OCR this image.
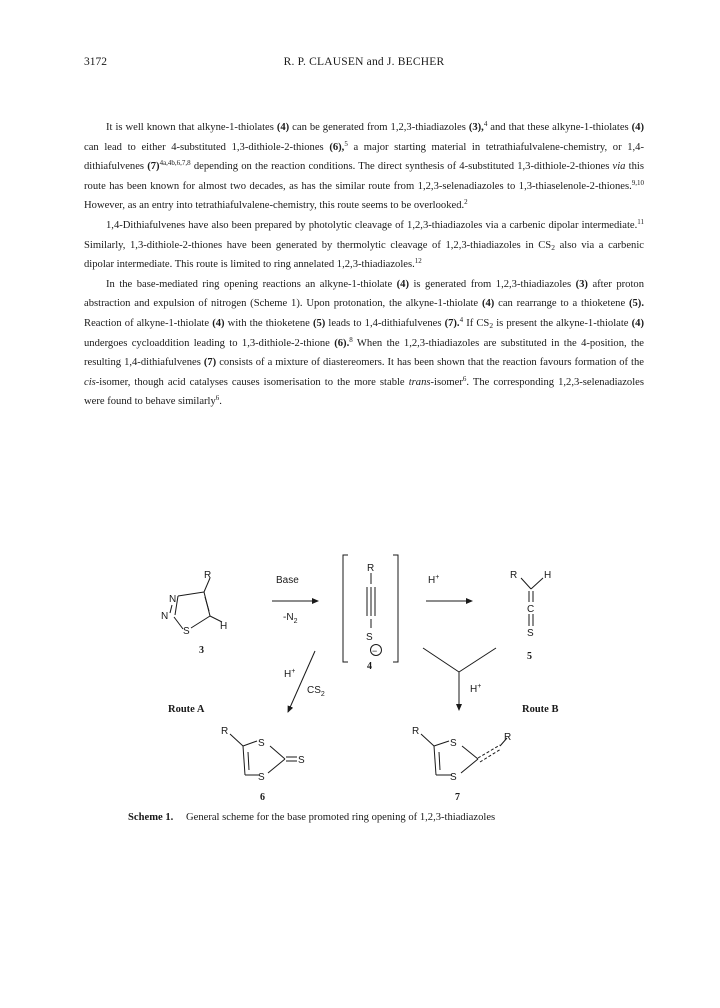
3172	R. P. CLAUSEN and J. BECHER

It is well known that alkyne-1-thiolates (4) can be generated from 1,2,3-thiadiazoles (3),$^4$ and that these alkyne-1-thiolates (4) can lead to either 4-substituted 1,3-dithiole-2-thiones (6),$^5$ a major starting material in tetrathiafulvalene-chemistry, or 1,4-dithiafulvenes $(7)^{4a,4b,6,7,8}$ depending on the reaction conditions. The direct synthesis of 4-substituted 1,3-dithiole-2-thiones via this route has been known for almost two decades, as has the similar route from 1,2,3-selenadiazoles to 1,3-thiaselenole-2-thiones.$^{9,10}$ However, as an entry into tetrathiafulvalene-chemistry, this route seems to be overlooked.$^2$

1,4-Dithiafulvenes have also been prepared by photolytic cleavage of 1,2,3-thiadiazoles via a carbenic dipolar intermediate.$^{11}$ Similarly, 1,3-dithiole-2-thiones have been generated by thermolytic cleavage of 1,2,3-thiadiazoles in $CS_2$ also via a carbenic dipolar intermediate. This route is limited to ring annelated 1,2,3-thiadiazoles.$^{12}$

In the base-mediated ring opening reactions an alkyne-1-thiolate (4) is generated from 1,2,3-thiadiazoles (3) after proton abstraction and expulsion of nitrogen (Scheme 1). Upon protonation, the alkyne-1-thiolate (4) can rearrange to a thioketene (5). Reaction of alkyne-1-thiolate (4) with the thioketene (5) leads to 1,4-dithiafulvenes (7).$^4$ If $CS_2$ is present the alkyne-1-thiolate (4) undergoes cycloaddition leading to 1,3-dithiole-2-thione (6).$^8$ When the 1,2,3-thiadiazoles are substituted in the 4-position, the resulting 1,4-dithiafulvenes (7) consists of a mixture of diastereomers. It has been shown that the reaction favours formation of the cis-isomer, though acid catalyses causes isomerisation to the more stable trans-isomer$^6$. The corresponding 1,2,3-selenadiazoles were found to behave similarly$^6$.

R
N
N
S	H
3
Base
$-N_2$
R
S
−
4
H+	R	H
C
S
5
H+
$CS_2$
Route A
H+
Route B
R
S
S
S
6
R
S
S
R
7
Scheme 1. General scheme for the base promoted ring opening of 1,2,3-thiadiazoles
